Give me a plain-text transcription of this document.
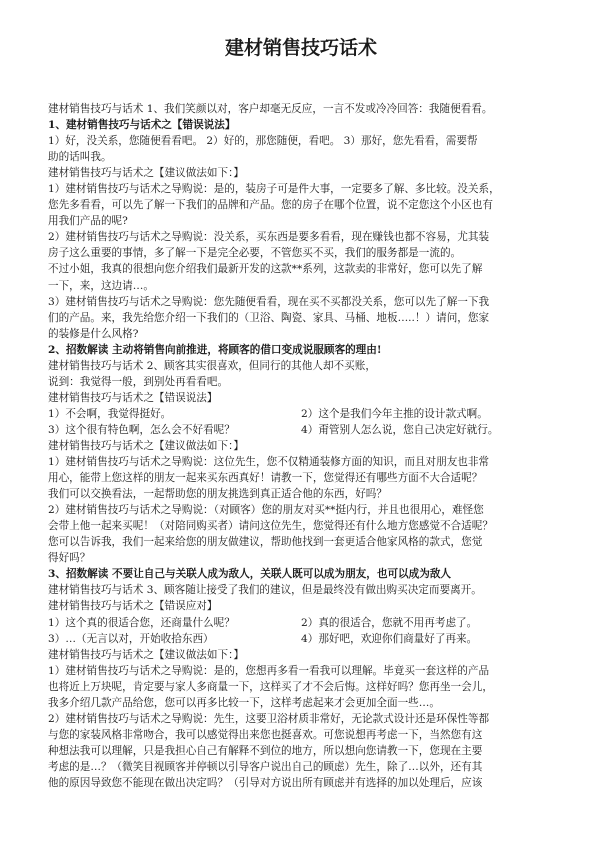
建材销售技巧话术

建材销售技巧与话术 1、我们笑颜以对，客户却毫无反应，一言不发或冷冷回答：我随便看看。

1、建材销售技巧与话术之【错误说法】

1）好，没关系，您随便看看吧。 2）好的，那您随便，看吧。 3）那好，您先看看，需要帮

助的话叫我。

建材销售技巧与话术之【建议做法如下：】

1）建材销售技巧与话术之导购说：是的，装房子可是件大事，一定要多了解、多比较。没关系，

您先多看看，可以先了解一下我们的品牌和产品。您的房子在哪个位置，说不定您这个小区也有

用我们产品的呢?

2）建材销售技巧与话术之导购说：没关系，买东西是要多看看，现在赚钱也都不容易，尤其装

房子这么重要的事情，多了解一下是完全必要，不管您买不买，我们的服务都是一流的。

不过小姐，我真的很想向您介绍我们最新开发的这款**系列，这款卖的非常好，您可以先了解

一下，来，这边请…。

3）建材销售技巧与话术之导购说：您先随便看看，现在买不买都没关系，您可以先了解一下我

们的产品。来，我先给您介绍一下我们的（卫浴、陶瓷、家具、马桶、地板…..！）请问，您家

的装修是什么风格?

2、招数解读 主动将销售向前推进，将顾客的借口变成说服顾客的理由!

建材销售技巧与话术 2、顾客其实很喜欢，但同行的其他人却不买账，

说到：我觉得一般，到别处再看看吧。

建材销售技巧与话术之【错误说法】

1）不会啊，我觉得挺好。	2）这个是我们今年主推的设计款式啊。
3）这个很有特色啊，怎么会不好看呢？	4）甭管别人怎么说，您自己决定好就行。

建材销售技巧与话术之【建议做法如下：】

1）建材销售技巧与话术之导购说：这位先生，您不仅精通装修方面的知识，而且对朋友也非常

用心，能带上您这样的朋友一起来买东西真好！请教一下，您觉得还有哪些方面不大合适呢？

我们可以交换看法，一起帮助您的朋友挑选到真正适合他的东西，好吗？

2）建材销售技巧与话术之导购说：（对顾客）您的朋友对买**挺内行，并且也很用心，难怪您

会带上他一起来买呢！（对陪同购买者）请问这位先生，您觉得还有什么地方您感觉不合适呢？

您可以告诉我，我们一起来给您的朋友做建议，帮助他找到一套更适合他家风格的款式，您觉

得好吗？

3、招数解读 不要让自己与关联人成为敌人，关联人既可以成为朋友，也可以成为敌人

建材销售技巧与话术 3、顾客随让接受了我们的建议，但是最终没有做出购买决定而要离开。

建材销售技巧与话术之【错误应对】

1）这个真的很适合您，还商量什么呢？	2）真的很适合，您就不用再考虑了。
3）…（无言以对，开始收拾东西）	4）那好吧，欢迎你们商量好了再来。

建材销售技巧与话术之【建议做法如下：】

1）建材销售技巧与话术之导购说：是的，您想再多看一看我可以理解。毕竟买一套这样的产品

也将近上万块呢，肯定要与家人多商量一下，这样买了才不会后悔。这样好吗？您再坐一会儿，

我多介绍几款产品给您，您可以再多比较一下，这样考虑起来才会更加全面一些…。

2）建材销售技巧与话术之导购说：先生，这要卫浴材质非常好，无论款式设计还是环保性等都

与您的家装风格非常吻合，我可以感觉得出来您也挺喜欢。可您说想再考虑一下，当然您有这

种想法我可以理解，只是我担心自己有解释不到位的地方，所以想向您请教一下，您现在主要

考虑的是…？（微笑目视顾客并停顿以引导客户说出自己的顾虑）先生，除了…以外，还有其

他的原因导致您不能现在做出决定吗？（引导对方说出所有顾虑并有选择的加以处理后，应该
